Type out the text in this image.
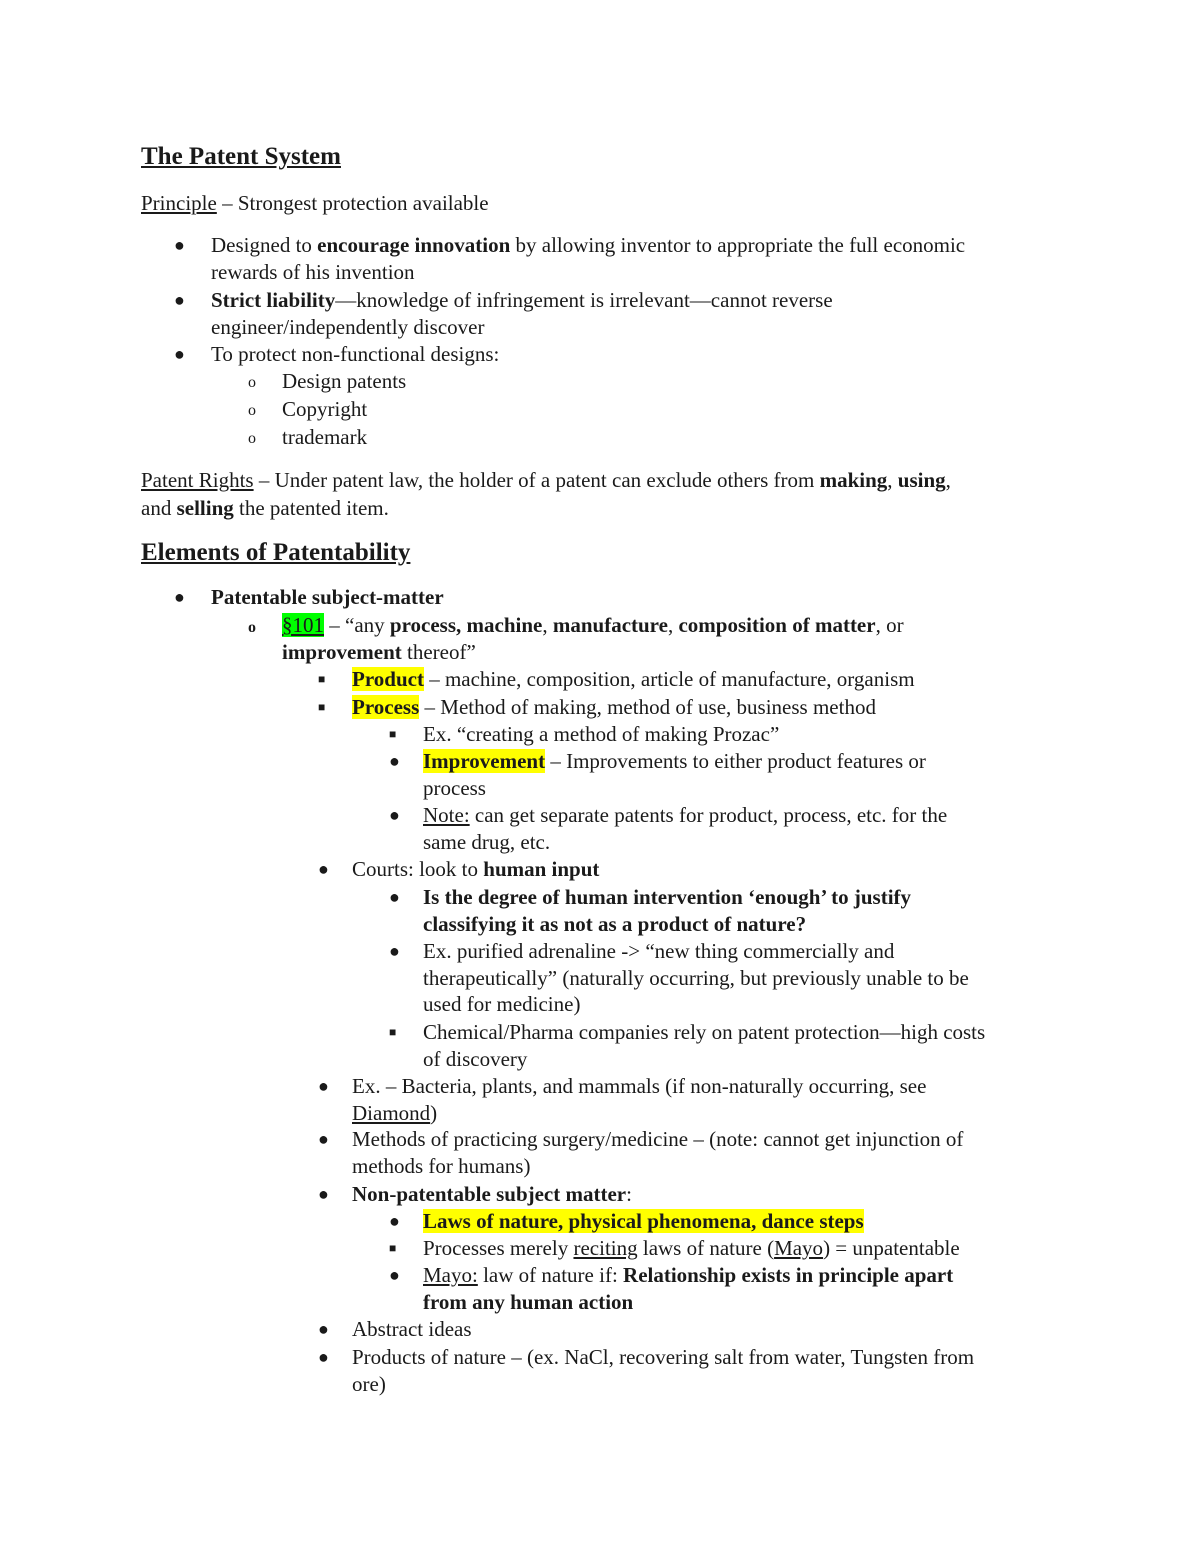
The Patent System
Principle – Strongest protection available
●
Designed to encourage innovation by allowing inventor to appropriate the full economic
rewards of his invention
●
Strict liability—knowledge of infringement is irrelevant—cannot reverse
engineer/independently discover
●
To protect non-functional designs:
o
Design patents
o
Copyright
o
trademark
Patent Rights – Under patent law, the holder of a patent can exclude others from making, using,
and selling the patented item.
Elements of Patentability
●
Patentable subject-matter
o
§101 – “any process, machine, manufacture, composition of matter, or
improvement thereof”
■
Product – machine, composition, article of manufacture, organism
■
Process – Method of making, method of use, business method
■
Ex. “creating a method of making Prozac”
●
Improvement – Improvements to either product features or
process
●
Note: can get separate patents for product, process, etc. for the
same drug, etc.
●
Courts: look to human input
●
Is the degree of human intervention ‘enough’ to justify
classifying it as not as a product of nature?
●
Ex. purified adrenaline -> “new thing commercially and
therapeutically” (naturally occurring, but previously unable to be
used for medicine)
■
Chemical/Pharma companies rely on patent protection—high costs
of discovery
●
Ex. – Bacteria, plants, and mammals (if non-naturally occurring, see
Diamond)
●
Methods of practicing surgery/medicine – (note: cannot get injunction of
methods for humans)
●
Non-patentable subject matter:
●
Laws of nature, physical phenomena, dance steps
■
Processes merely reciting laws of nature (Mayo) = unpatentable
●
Mayo: law of nature if: Relationship exists in principle apart
from any human action
●
Abstract ideas
●
Products of nature – (ex. NaCl, recovering salt from water, Tungsten from
ore)
